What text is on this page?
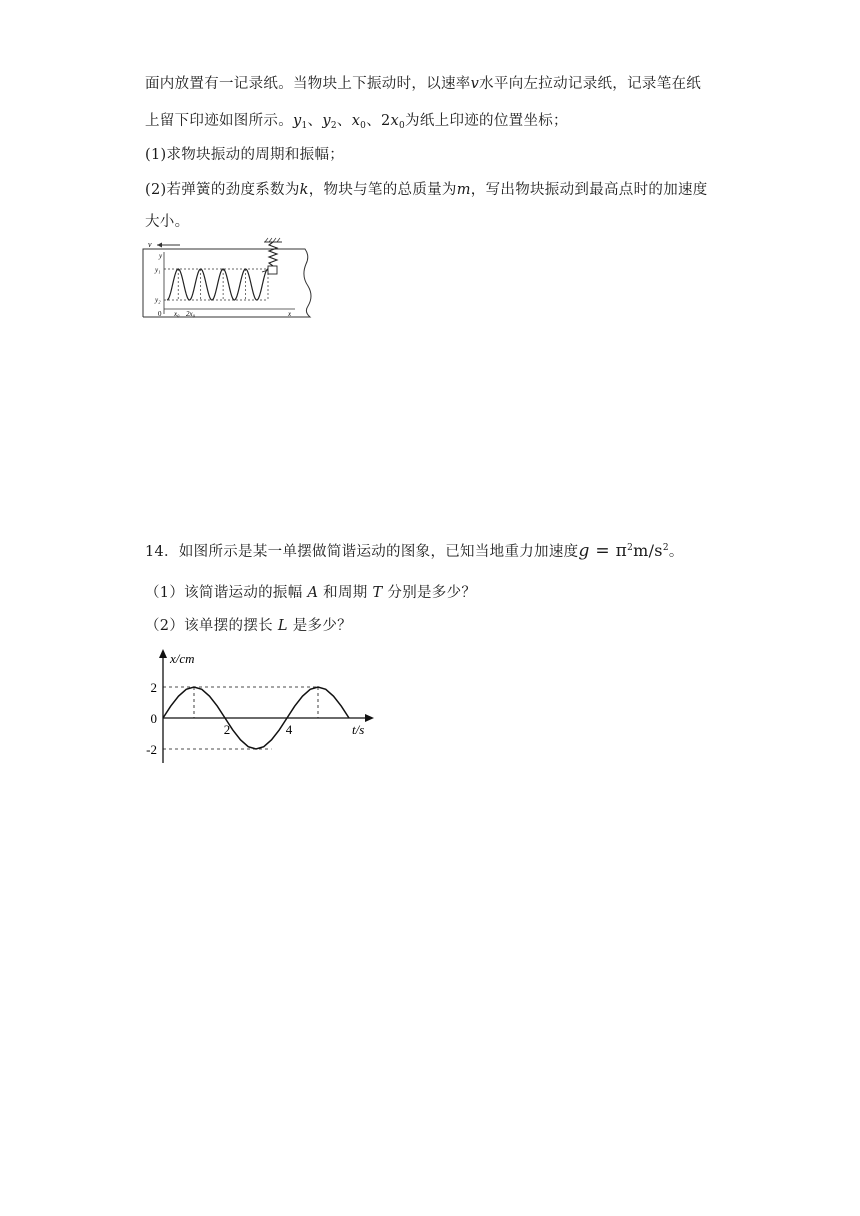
面内放置有一记录纸。当物块上下振动时，以速率v水平向左拉动记录纸，记录笔在纸
上留下印迹如图所示。$y_1$、$y_2$、$x_0$、$2x_0$为纸上印迹的位置坐标；
(1)求物块振动的周期和振幅；
(2)若弹簧的劲度系数为k，物块与笔的总质量为m，写出物块振动到最高点时的加速度
大小。
v
y
y₁
y₂
0 x₀ 2x₀	x
14．如图所示是某一单摆做简谐运动的图象，已知当地重力加速度$g = \pi^2m/s^2$。
（1）该简谐运动的振幅 A 和周期 T 分别是多少？
（2）该单摆的摆长 L 是多少？
x/cm
t/s
2	4
2
0
-2
